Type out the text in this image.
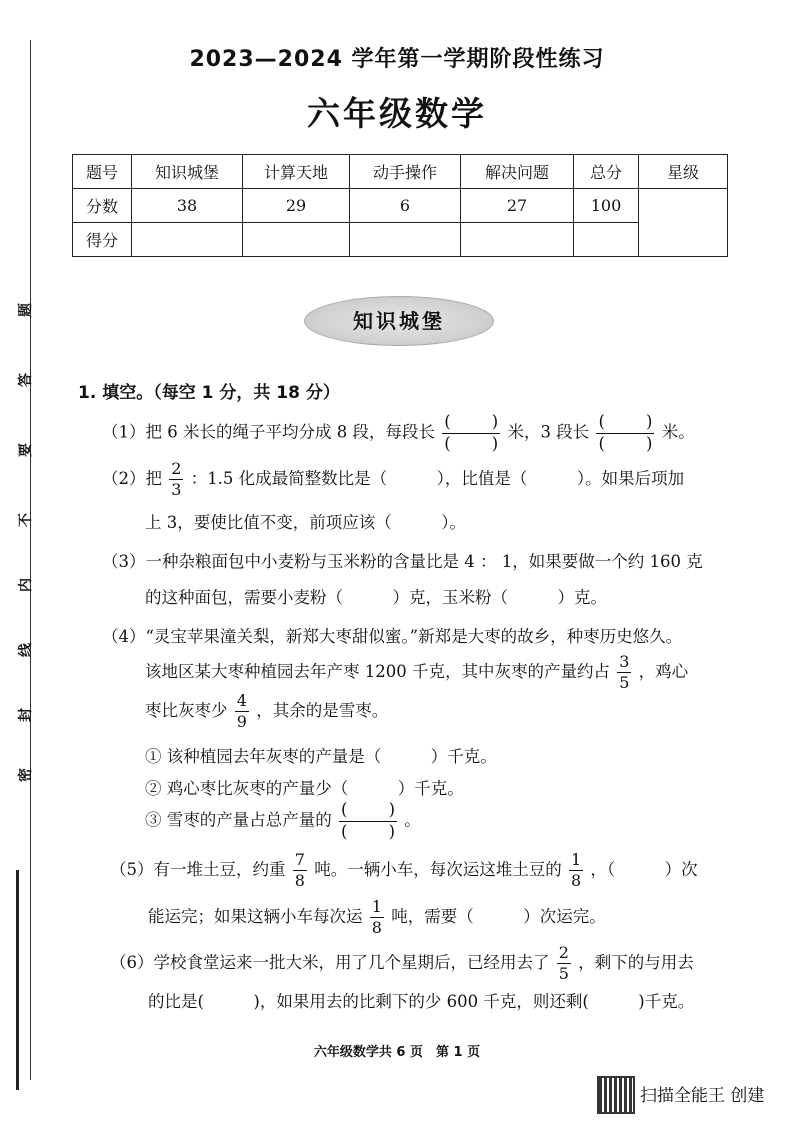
题
答
要
不
内
线
封
密
2023—2024 学年第一学期阶段性练习
六年级数学
题号	知识城堡	计算天地	动手操作	解决问题	总分	星级
分数	38	29	6	27	100	
得分						
知识城堡
1. 填空。（每空 1 分，共 18 分）
（1）把 6 米长的绳子平均分成 8 段，每段长 $\frac{( )}{( )}$ 米，3 段长 $\frac{( )}{( )}$ 米。
（2）把 $\frac{2}{3}$ ：1.5 化成最简整数比是（　　　），比值是（　　　）。如果后项加
上 3，要使比值不变，前项应该（　　　）。
（3）一种杂粮面包中小麦粉与玉米粉的含量比是 4 ： 1，如果要做一个约 160 克
的这种面包，需要小麦粉（　　　）克，玉米粉（　　　）克。
（4）“灵宝苹果潼关梨，新郑大枣甜似蜜。”新郑是大枣的故乡，种枣历史悠久。
该地区某大枣种植园去年产枣 1200 千克，其中灰枣的产量约占 $\frac{3}{5}$ ，鸡心
枣比灰枣少 $\frac{4}{9}$ ，其余的是雪枣。
① 该种植园去年灰枣的产量是（　　　）千克。
② 鸡心枣比灰枣的产量少（　　　）千克。
③ 雪枣的产量占总产量的 $\frac{( )}{( )}$ 。
（5）有一堆土豆，约重 $\frac{7}{8}$ 吨。一辆小车，每次运这堆土豆的 $\frac{1}{8}$ ，（　　　）次
能运完；如果这辆小车每次运 $\frac{1}{8}$ 吨，需要（　　　）次运完。
（6）学校食堂运来一批大米，用了几个星期后，已经用去了 $\frac{2}{5}$ ，剩下的与用去
的比是(　　　)，如果用去的比剩下的少 600 千克，则还剩(　　　)千克。
六年级数学共 6 页　第 1 页
扫描全能王 创建
